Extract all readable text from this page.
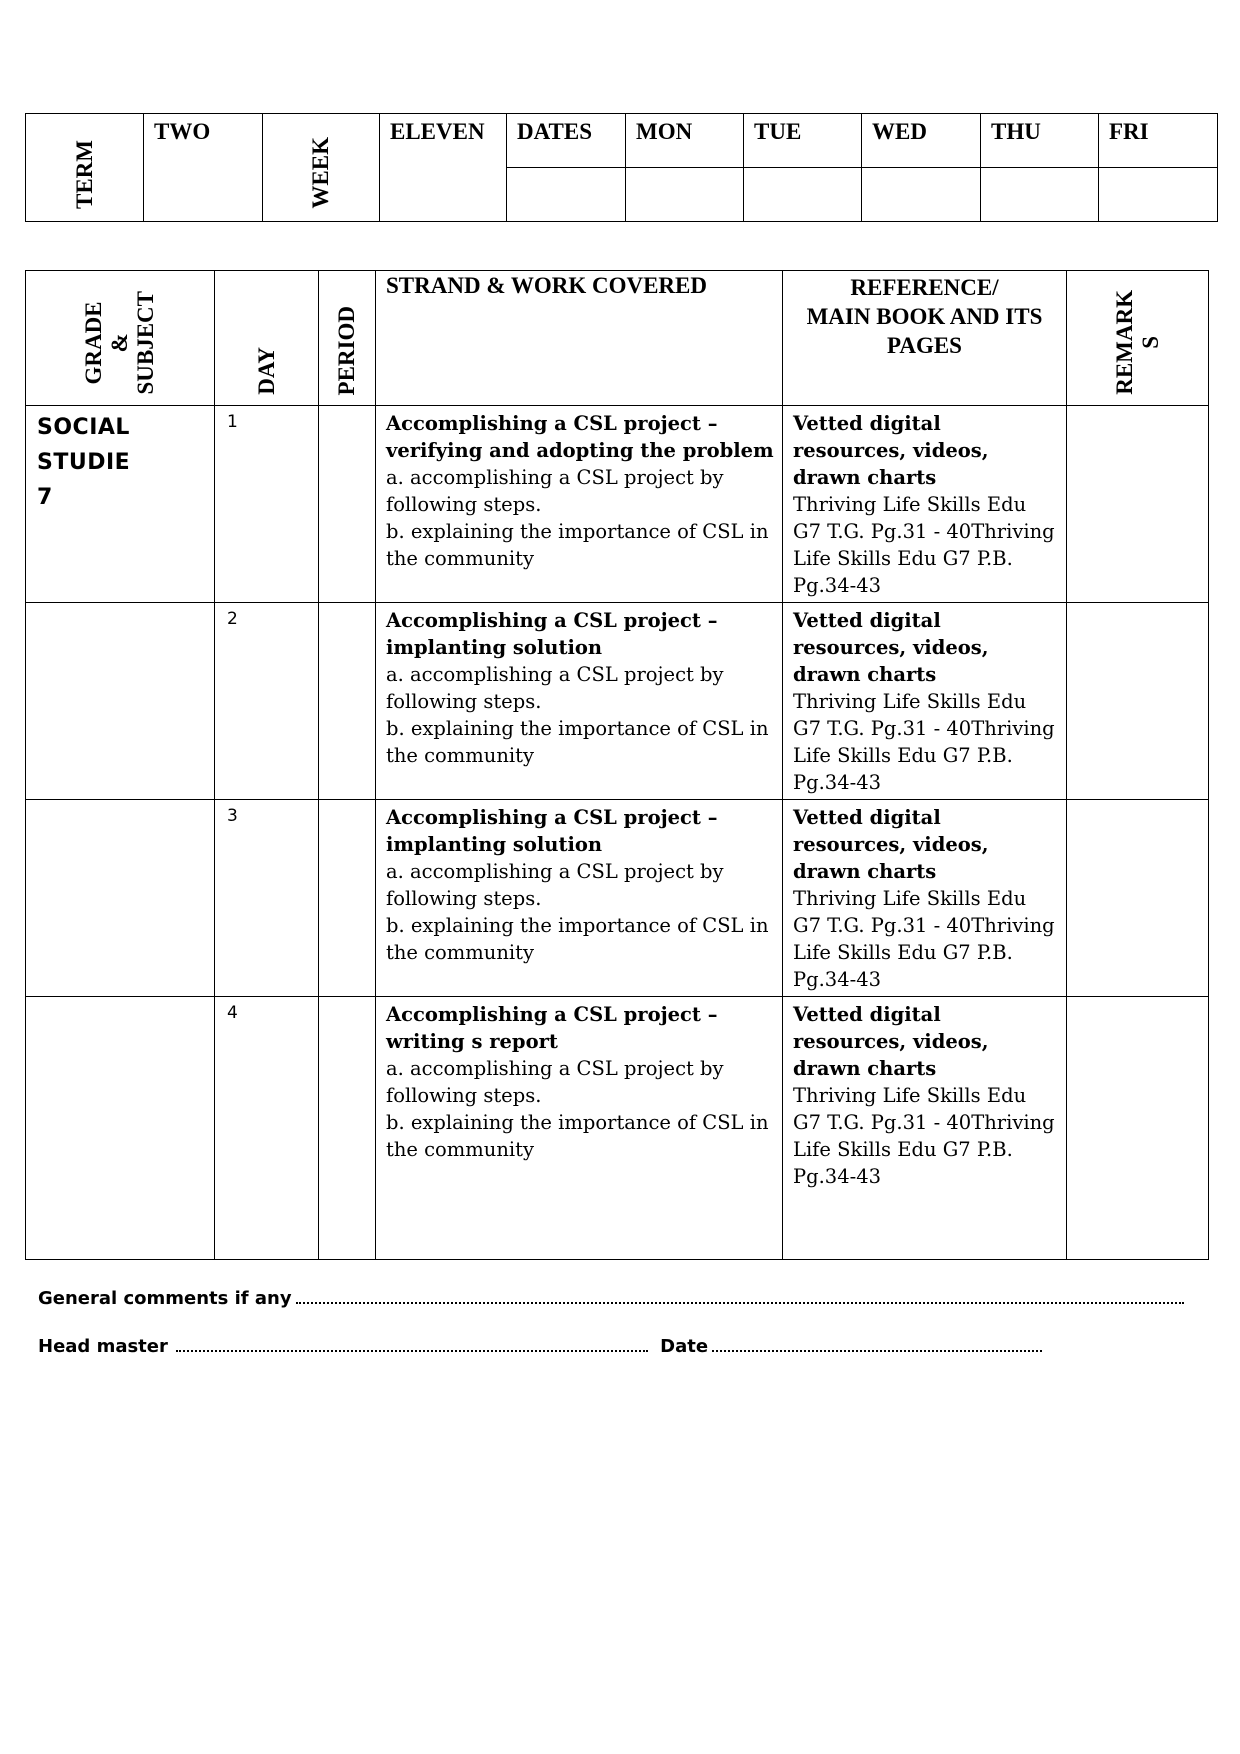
TERM	TWO	WEEK	ELEVEN	DATES	MON	TUE	WED	THU	FRI

GRADE
&
SUBJECT	DAY	PERIOD	STRAND & WORK COVERED	REFERENCE/
MAIN BOOK AND ITS
PAGES	REMARK
S

SOCIAL
STUDIE
7	1		Accomplishing a CSL project –
verifying and adopting the problem
a. accomplishing a CSL project by following steps.
b. explaining the importance of CSL in the community	Vetted digital resources, videos, drawn charts
Thriving Life Skills Edu G7 T.G. Pg.31 - 40Thriving Life Skills Edu G7 P.B. Pg.34-43	
	2		Accomplishing a CSL project –
implanting solution
a. accomplishing a CSL project by following steps.
b. explaining the importance of CSL in the community	Vetted digital resources, videos, drawn charts
Thriving Life Skills Edu G7 T.G. Pg.31 - 40Thriving Life Skills Edu G7 P.B. Pg.34-43	
	3		Accomplishing a CSL project –
implanting solution
a. accomplishing a CSL project by following steps.
b. explaining the importance of CSL in the community	Vetted digital resources, videos, drawn charts
Thriving Life Skills Edu G7 T.G. Pg.31 - 40Thriving Life Skills Edu G7 P.B. Pg.34-43	
	4		Accomplishing a CSL project –
writing s report
a. accomplishing a CSL project by following steps.
b. explaining the importance of CSL in the community	Vetted digital resources, videos, drawn charts
Thriving Life Skills Edu G7 T.G. Pg.31 - 40Thriving Life Skills Edu G7 P.B. Pg.34-43	
General comments if any
Head master	Date
